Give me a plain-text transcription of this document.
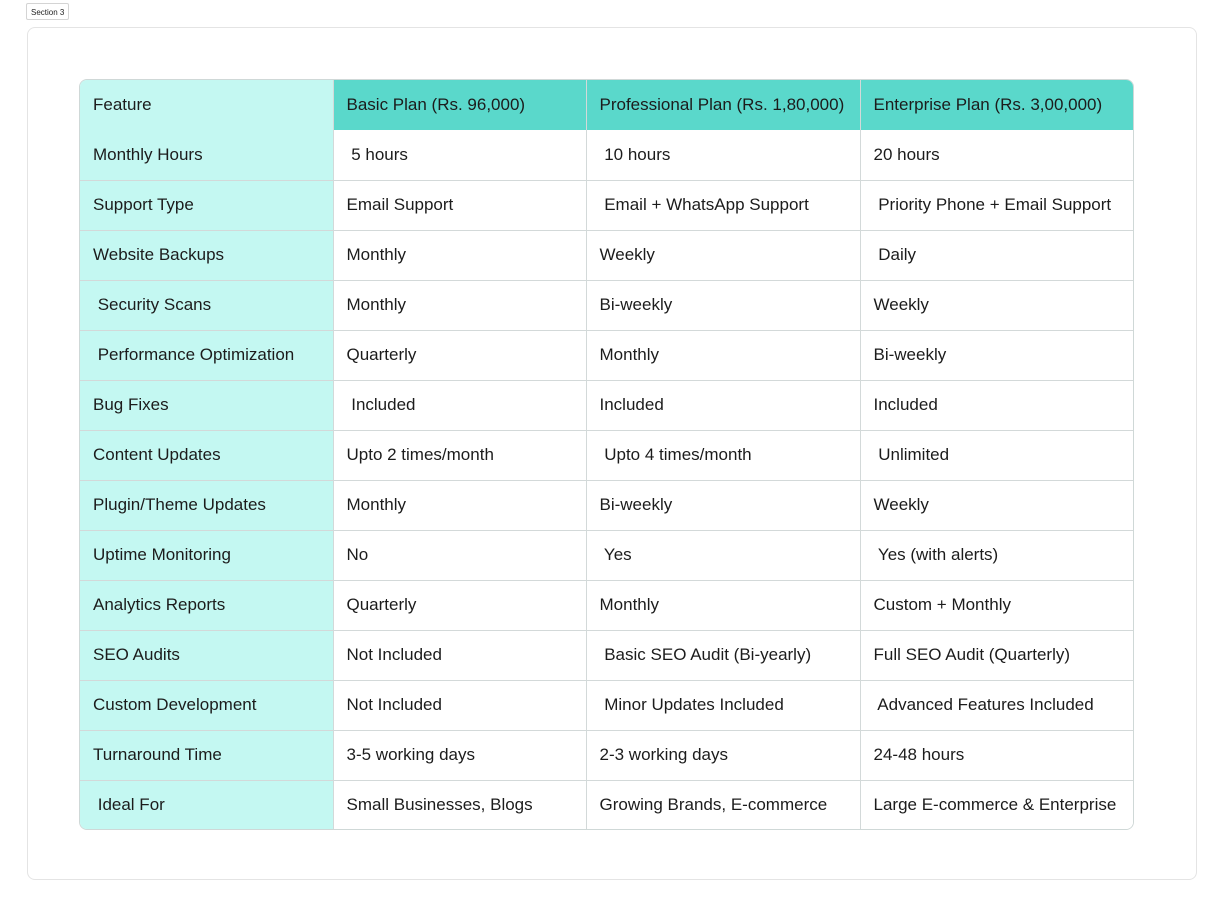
Section 3
Feature	Basic Plan (Rs. 96,000)	Professional Plan (Rs. 1,80,000)	Enterprise Plan (Rs. 3,00,000)
Monthly Hours	5 hours	10 hours	20 hours
Support Type	Email Support	Email + WhatsApp Support	Priority Phone + Email Support
Website Backups	Monthly	Weekly	Daily
Security Scans	Monthly	Bi-weekly	Weekly
Performance Optimization	Quarterly	Monthly	Bi-weekly
Bug Fixes	Included	Included	Included
Content Updates	Upto 2 times/month	Upto 4 times/month	Unlimited
Plugin/Theme Updates	Monthly	Bi-weekly	Weekly
Uptime Monitoring	No	Yes	Yes (with alerts)
Analytics Reports	Quarterly	Monthly	Custom + Monthly
SEO Audits	Not Included	Basic SEO Audit (Bi-yearly)	Full SEO Audit (Quarterly)
Custom Development	Not Included	Minor Updates Included	Advanced Features Included
Turnaround Time	3-5 working days	2-3 working days	24-48 hours
Ideal For	Small Businesses, Blogs	Growing Brands, E-commerce	Large E-commerce & Enterprise
